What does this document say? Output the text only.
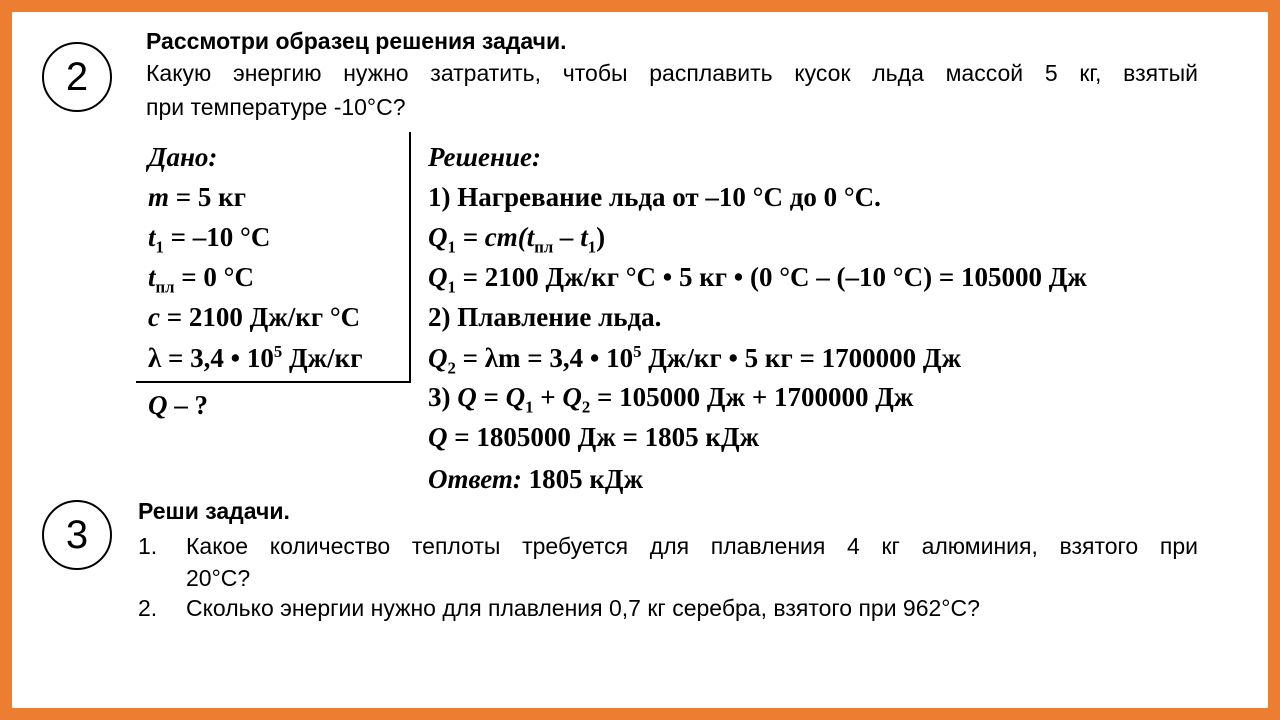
2
Рассмотри образец решения задачи.
Какую энергию нужно затратить, чтобы расплавить кусок льда массой 5 кг, взятый
при температуре -10°С?
Дано:
m = 5 кг
$t_1 = -10$ °С
$t_{пл} = 0$ °С
c = 2100 Дж/кг °С
λ = 3,4 • $10^5$ Дж/кг
Q – ?
Решение:
1) Нагревание льда от –10 °С до 0 °С.
$Q_1 = cm(t_{пл} - t_1)$
$Q_1 = 2100$ Дж/кг °С • 5 кг • (0 °С – (–10 °С) = 105000 Дж
2) Плавление льда.
$Q_2 = \lambda m = 3,4$ • $10^5$ Дж/кг • 5 кг = 1700000 Дж
3) $Q = Q_1 + Q_2 = 105000$ Дж + 1700000 Дж
Q = 1805000 Дж = 1805 кДж
Ответ: 1805 кДж
3
Реши задачи.
1. Какое количество теплоты требуется для плавления 4 кг алюминия, взятого при
20°С?
2. Сколько энергии нужно для плавления 0,7 кг серебра, взятого при 962°С?
